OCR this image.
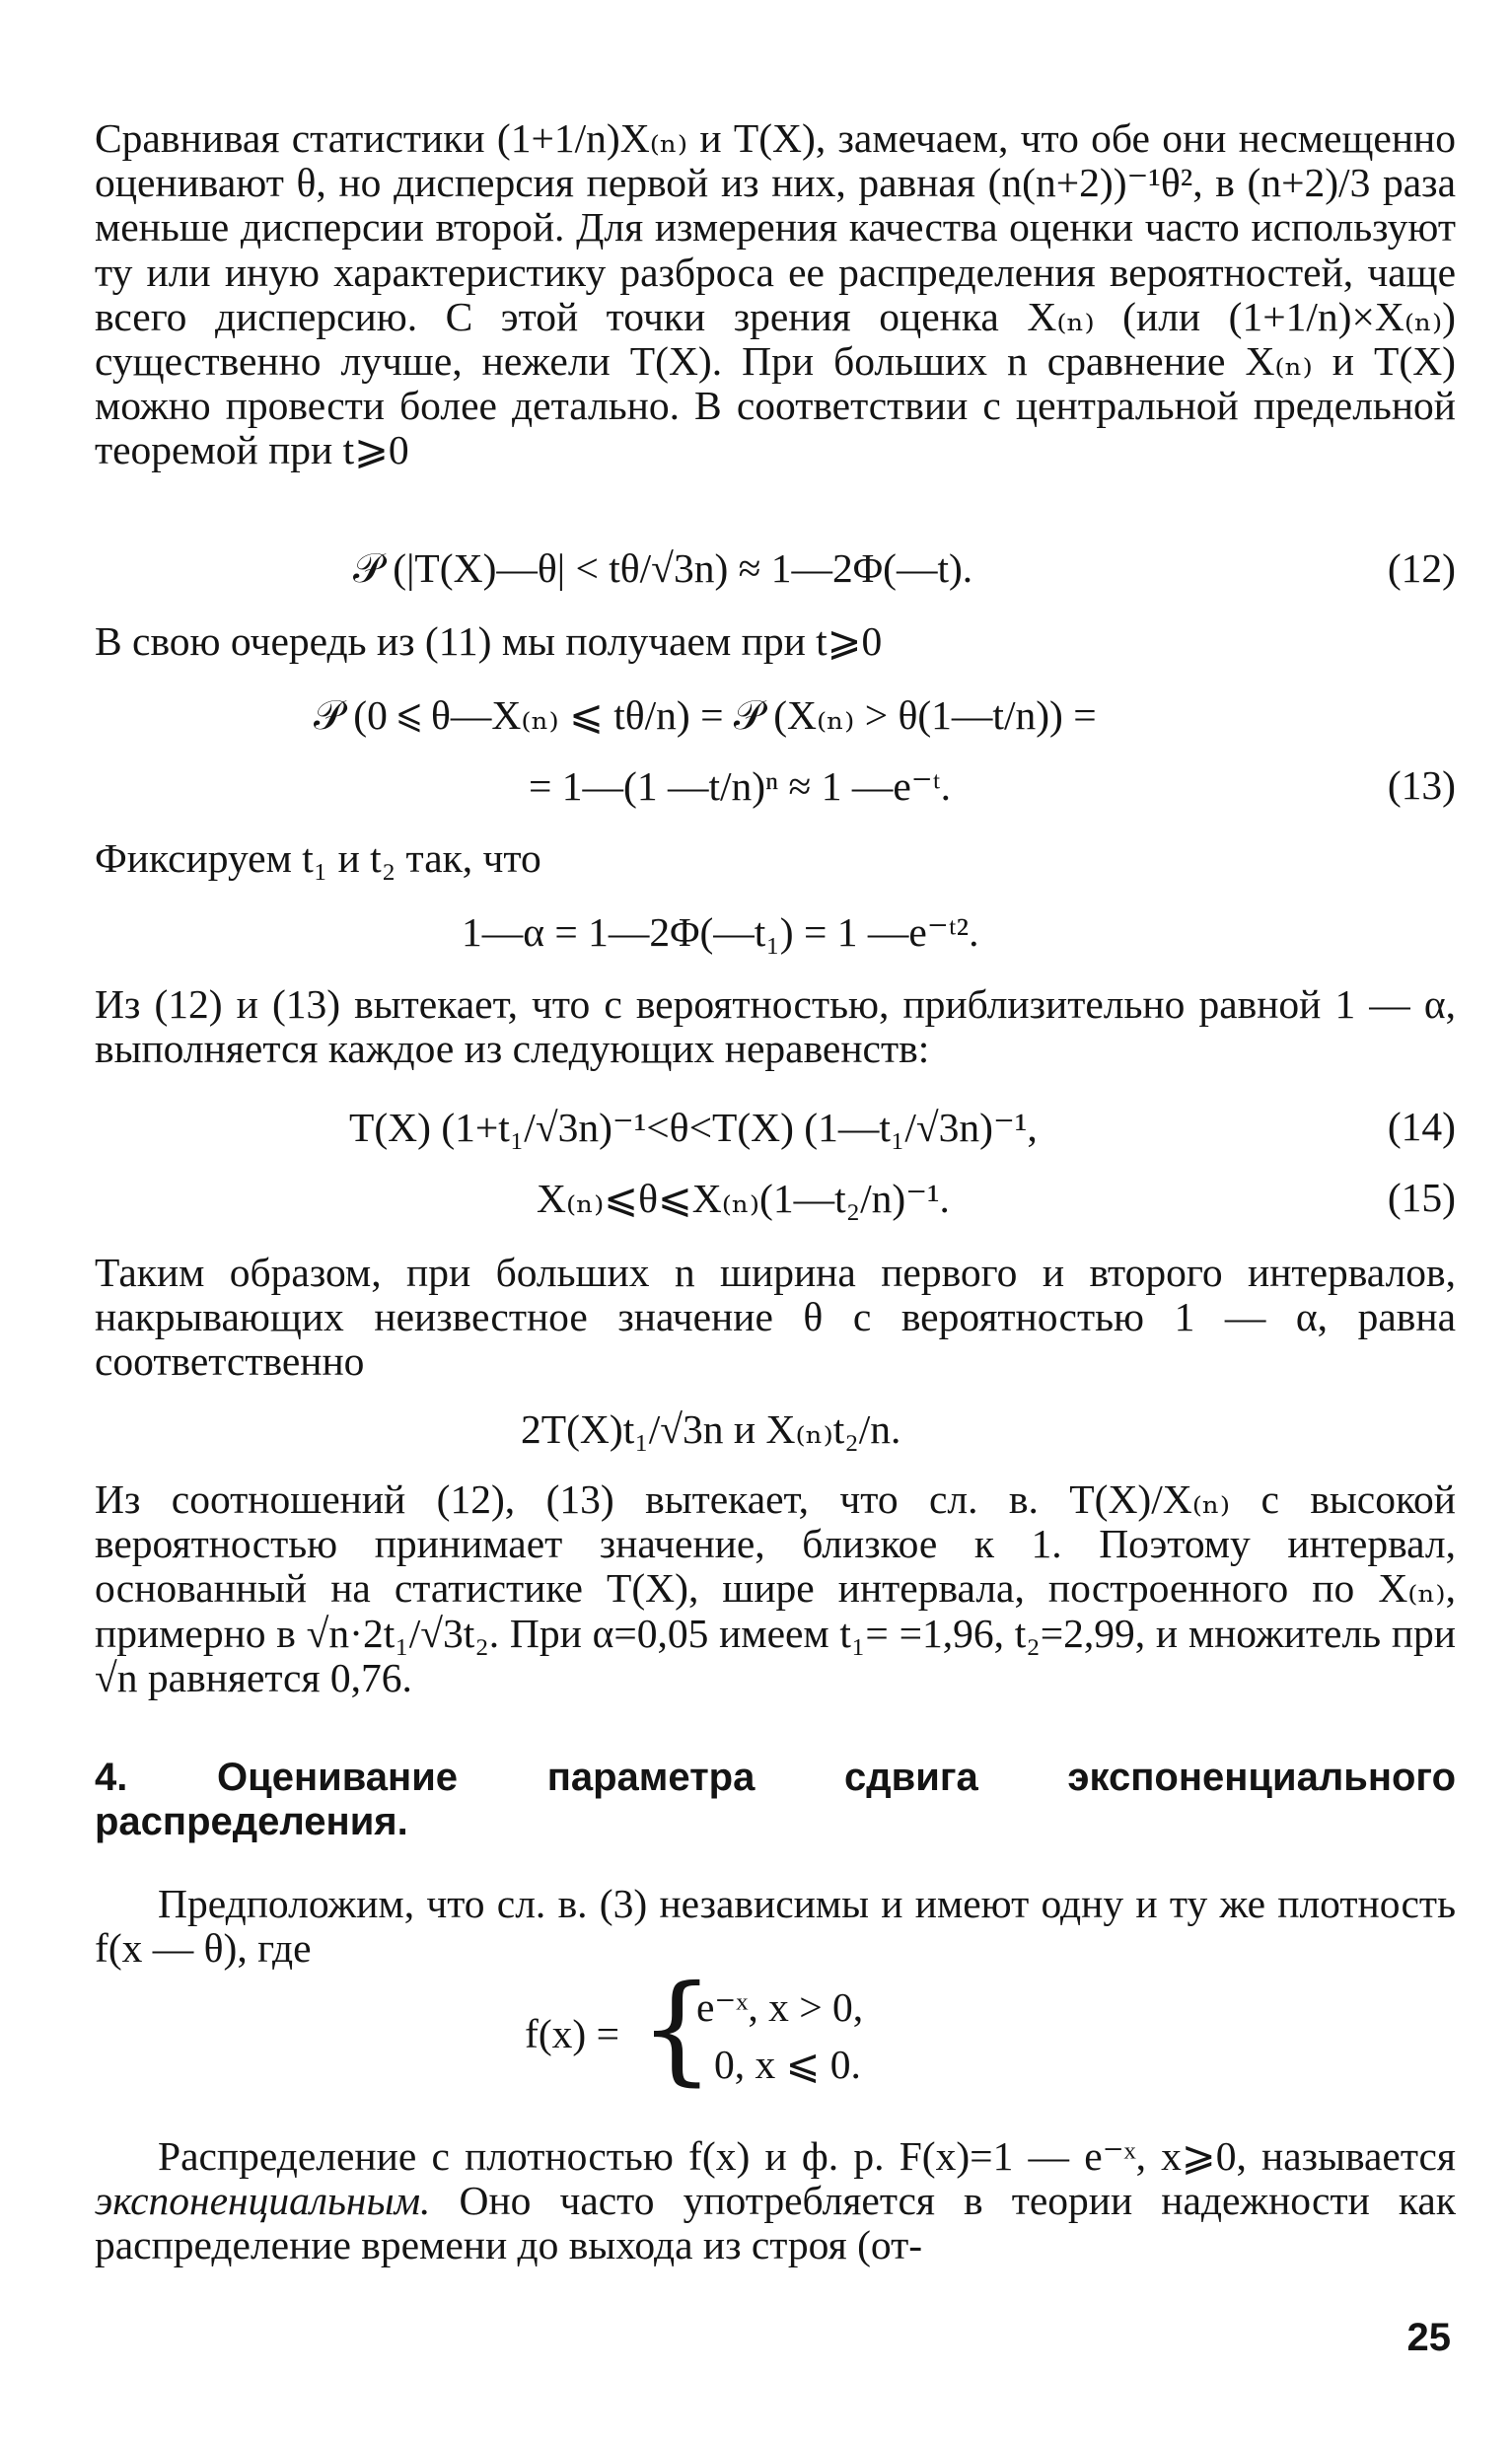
Сравнивая статистики (1+1/n)X₍ₙ₎ и T(X), замечаем, что обе они несмещенно оценивают θ, но дисперсия первой из них, равная (n(n+2))⁻¹θ², в (n+2)/3 раза меньше дисперсии второй. Для измерения качества оценки часто используют ту или иную характеристику разброса ее распределения вероятностей, чаще всего дисперсию. С этой точки зрения оценка X₍ₙ₎ (или (1+1/n)×X₍ₙ₎) существенно лучше, нежели T(X). При больших n сравнение X₍ₙ₎ и T(X) можно провести более детально. В соответствии с центральной предельной теоремой при t⩾0
𝒫 (|T(X)—θ| < tθ/√3n) ≈ 1—2Φ(—t).	(12)
В свою очередь из (11) мы получаем при t⩾0
𝒫 (0 ⩽ θ—X₍ₙ₎ ⩽ tθ/n) = 𝒫 (X₍ₙ₎ > θ(1—t/n)) =
= 1—(1 —t/n)ⁿ ≈ 1 —e⁻ᵗ.	(13)
Фиксируем t₁ и t₂ так, что
1—α = 1—2Φ(—t₁) = 1 —e⁻ᵗ².
Из (12) и (13) вытекает, что с вероятностью, приблизительно равной 1 — α, выполняется каждое из следующих неравенств:
T(X) (1+t₁/√3n)⁻¹<θ<T(X) (1—t₁/√3n)⁻¹,	(14)
X₍ₙ₎⩽θ⩽X₍ₙ₎(1—t₂/n)⁻¹.	(15)
Таким образом, при больших n ширина первого и второго интервалов, накрывающих неизвестное значение θ с вероятностью 1 — α, равна соответственно
2T(X)t₁/√3n и X₍ₙ₎t₂/n.
Из соотношений (12), (13) вытекает, что сл. в. T(X)/X₍ₙ₎ с высокой вероятностью принимает значение, близкое к 1. Поэтому интервал, основанный на статистике T(X), шире интервала, построенного по X₍ₙ₎, примерно в √n·2t₁/√3t₂. При α=0,05 имеем t₁= =1,96, t₂=2,99, и множитель при √n равняется 0,76.
4. Оценивание параметра сдвига экспоненциального распределения.
Предположим, что сл. в. (3) независимы и имеют одну и ту же плотность f(x — θ), где
f(x) = {
e⁻ˣ, x > 0,
0, x ⩽ 0.
Распределение с плотностью f(x) и ф. р. F(x)=1 — e⁻ˣ, x⩾0, называется экспоненциальным. Оно часто употребляется в теории надежности как распределение времени до выхода из строя (от-
25
